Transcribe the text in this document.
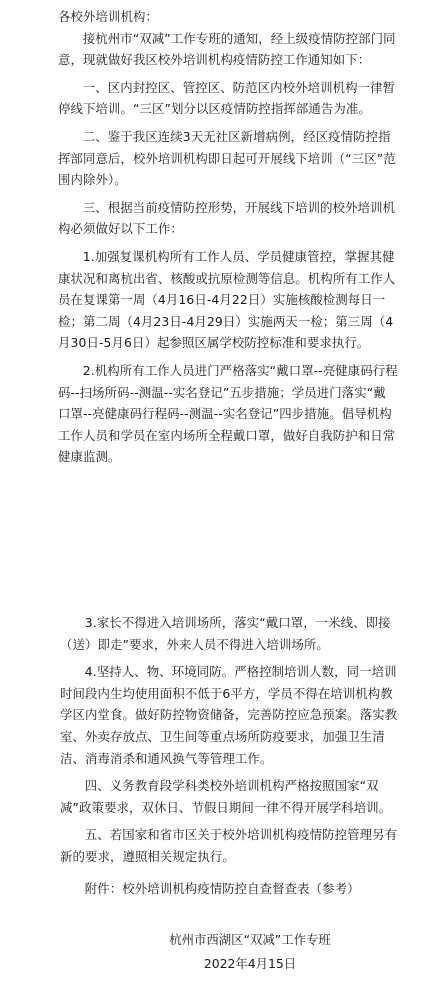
各校外培训机构：

接杭州市“双减”工作专班的通知，经上级疫情防控部门同意，现就做好我区校外培训机构疫情防控工作通知如下：

一、区内封控区、管控区、防范区内校外培训机构一律暂停线下培训。“三区”划分以区疫情防控指挥部通告为准。

二、鉴于我区连续3天无社区新增病例，经区疫情防控指挥部同意后，校外培训机构即日起可开展线下培训（“三区”范围内除外）。

三、根据当前疫情防控形势，开展线下培训的校外培训机构必须做好以下工作：

1.加强复课机构所有工作人员、学员健康管控，掌握其健康状况和离杭出省、核酸或抗原检测等信息。机构所有工作人员在复课第一周（4月16日-4月22日）实施核酸检测每日一检；第二周（4月23日-4月29日）实施两天一检；第三周（4月30日-5月6日）起参照区属学校防控标准和要求执行。

2.机构所有工作人员进门严格落实“戴口罩--亮健康码行程码--扫场所码--测温--实名登记”五步措施；学员进门落实“戴口罩--亮健康码行程码--测温--实名登记”四步措施。倡导机构工作人员和学员在室内场所全程戴口罩，做好自我防护和日常健康监测。

3.家长不得进入培训场所，落实“戴口罩，一米线、即接（送）即走”要求，外来人员不得进入培训场所。

4.坚持人、物、环境同防。严格控制培训人数，同一培训时间段内生均使用面积不低于6平方，学员不得在培训机构教学区内堂食。做好防控物资储备，完善防控应急预案。落实教室、外卖存放点、卫生间等重点场所防疫要求，加强卫生清洁、消毒消杀和通风换气等管理工作。

四、义务教育段学科类校外培训机构严格按照国家“双减”政策要求，双休日、节假日期间一律不得开展学科培训。

五、若国家和省市区关于校外培训机构疫情防控管理另有新的要求，遵照相关规定执行。

附件：校外培训机构疫情防控自查督查表（参考）

杭州市西湖区“双减”工作专班
2022年4月15日
